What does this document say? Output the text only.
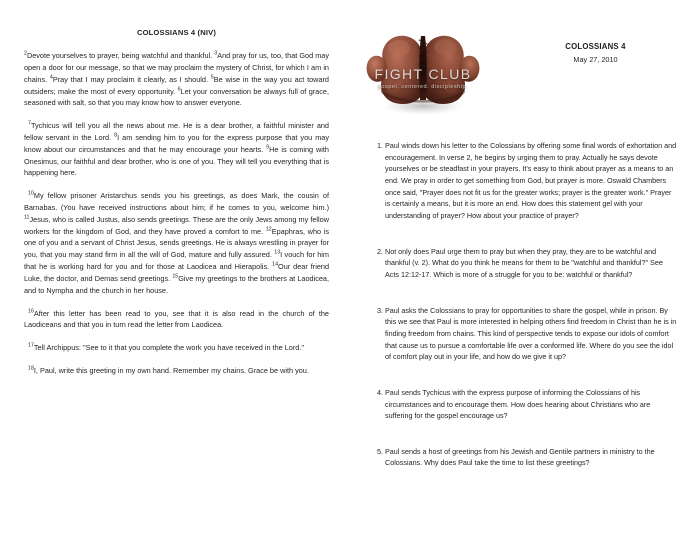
COLOSSIANS 4 (NIV)

$^2$Devote yourselves to prayer, being watchful and thankful. $^3$And pray for us, too, that God may open a door for our message, so that we may proclaim the mystery of Christ, for which I am in chains. $^4$Pray that I may proclaim it clearly, as I should. $^5$Be wise in the way you act toward outsiders; make the most of every opportunity. $^6$Let your conversation be always full of grace, seasoned with salt, so that you may know how to answer everyone.

$^7$Tychicus will tell you all the news about me. He is a dear brother, a faithful minister and fellow servant in the Lord. $^8$I am sending him to you for the express purpose that you may know about our circumstances and that he may encourage your hearts. $^9$He is coming with Onesimus, our faithful and dear brother, who is one of you. They will tell you everything that is happening here.

$^{10}$My fellow prisoner Aristarchus sends you his greetings, as does Mark, the cousin of Barnabas. (You have received instructions about him; if he comes to you, welcome him.) $^{11}$Jesus, who is called Justus, also sends greetings. These are the only Jews among my fellow workers for the kingdom of God, and they have proved a comfort to me. $^{12}$Epaphras, who is one of you and a servant of Christ Jesus, sends greetings. He is always wrestling in prayer for you, that you may stand firm in all the will of God, mature and fully assured. $^{13}$I vouch for him that he is working hard for you and for those at Laodicea and Hierapolis. $^{14}$Our dear friend Luke, the doctor, and Demas send greetings. $^{15}$Give my greetings to the brothers at Laodicea, and to Nympha and the church in her house.

$^{16}$After this letter has been read to you, see that it is also read in the church of the Laodiceans and that you in turn read the letter from Laodicea.

$^{17}$Tell Archippus: "See to it that you complete the work you have received in the Lord."

$^{18}$I, Paul, write this greeting in my own hand. Remember my chains. Grace be with you.

FIGHT CLUB
gospel. centered. discipleship.
COLOSSIANS 4
May 27, 2010
1. Paul winds down his letter to the Colossians by offering some final words of exhortation and encouragement. In verse 2, he begins by urging them to pray. Actually he says devote yourselves or be steadfast in your prayers. It's easy to think about prayer as a means to an end. We pray in order to get something from God, but prayer is more. Oswald Chambers once said, "Prayer does not fit us for the greater works; prayer is the greater work." Prayer is certainly a means, but it is more an end. How does this statement gel with your understanding of prayer? How about your practice of prayer?
2. Not only does Paul urge them to pray but when they pray, they are to be watchful and thankful (v. 2). What do you think he means for them to be "watchful and thankful?" See Acts 12:12-17. Which is more of a struggle for you to be: watchful or thankful?
3. Paul asks the Colossians to pray for opportunities to share the gospel, while in prison. By this we see that Paul is more interested in helping others find freedom in Christ than he is in finding freedom from chains. This kind of perspective tends to expose our idols of comfort that cause us to pursue a comfortable life over a conformed life. Where do you see the idol of comfort play out in your life, and how do we give it up?
4. Paul sends Tychicus with the express purpose of informing the Colossians of his circumstances and to encourage them. How does hearing about Christians who are suffering for the gospel encourage us?
5. Paul sends a host of greetings from his Jewish and Gentile partners in ministry to the Colossians. Why does Paul take the time to list these greetings?
